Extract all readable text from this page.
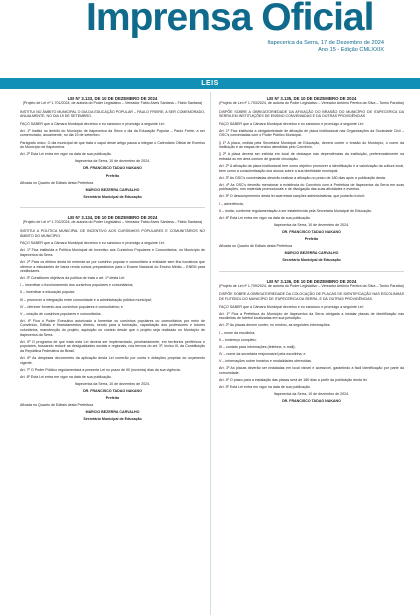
Imprensa Oficial
Itapecerica da Serra, 17 de Dezembro de 2024
Ano 15 - Edição CMLXXIX
LEIS
LEI Nº 3.133, DE 10 DE DEZEMBRO DE 2024
(Projeto de Lei nº 1.701/2024, de autoria do Poder Legislativo – Vereador Fábio Alves Santana – Fábio Santana)
INSTITUI NO ÂMBITO MUNICIPAL O DIA DA EDUCAÇÃO POPULAR – PAULO FREIRE, A SER COMEMORADO, ANUALMENTE, NO DIA 19 DE SETEMBRO.

FAÇO SABER que a Câmara Municipal decretou e eu sanciono e promulgo a seguinte Lei:

Art. 1º Institui no âmbito do Município de Itapecerica da Serra o dia da Educação Popular – Paulo Freire, a ser comemorado, anualmente, no dia 19 de setembro.

Parágrafo único. O dia municipal de que trata o caput deste artigo passa a integrar o Calendário Oficial de Eventos do Município de Itapecerica.

Art. 2º Esta Lei entra em vigor na data de sua publicação.

Itapecerica da Serra, 10 de dezembro de 2024.

DR. FRANCISCO TADAO NAKANO

Prefeito

Afixada no Quadro de Editais desta Prefeitura

MÁRCIO BEZERRA CARVALHO

Secretário Municipal de Educação

LEI Nº 3.134, DE 10 DE DEZEMBRO DE 2024
(Projeto de Lei nº 1.702/2024, de autoria do Poder Legislativo – Vereador Fábio Alves Santana – Fábio Santana)
INSTITUI A POLÍTICA MUNICIPAL DE INCENTIVO AOS CURSINHOS POPULARES E COMUNITÁRIOS NO ÂMBITO DO MUNICÍPIO.

FAÇO SABER que a Câmara Municipal decretou e eu sanciono e promulgo a seguinte Lei:

Art. 1º Fica instituída a Política Municipal de Incentivo aos Cursinhos Populares e Comunitários, no Município de Itapecerica da Serra.

Art. 2º Para os efeitos desta lei entende-se por cursinho popular e comunitário a entidade sem fins lucrativos que oferece a estudantes de baixa renda cursos preparatórios para o Exame Nacional do Ensino Médio – ENEM para vestibulares.

Art. 3º Constituem objetivos da política de trata o art. 1º desta Lei:

I – incentivar o funcionamento dos cursinhos populares e comunitários;

II – incentivar a educação popular;

III – promover a integração entre comunidade e a administração pública municipal;

IV – oferecer fomento aos cursinhos populares e comunitários; e

V – criação de cursinhos populares e comunitários.

Art. 4º Fica o Poder Executivo autorizado a fomentar os cursinhos populares ou comunitários por meio de Convênios, Editais e financiamentos diretos, sendo para a formação, capacitação dos professores e tutores voluntários, manutenção do projeto, aquisição ou custeio desde que o projeto seja realizado no Município de Itapecerica da Serra.

Art. 5º O programa de que trata esta Lei deverá ser implementado, prioritariamente, em territórios periféricos e populares, buscando reduzir as desigualdades sociais e regionais, nos termos do art. 3º, inciso III, da Constituição da República Federativa do Brasil.

Art. 6º As despesas decorrentes da aplicação desta Lei correrão por conta e dotações próprias do orçamento vigente.

Art. 7º O Poder Público regulamentará a presente Lei no prazo de 90 (noventa) dias da sua vigência.

Art. 8º Esta Lei entra em vigor na data de sua publicação.

Itapecerica da Serra, 10 de dezembro de 2024.

DR. FRANCISCO TADAO NAKANO

Prefeito

Afixada no Quadro de Editais desta Prefeitura

MÁRCIO BEZERRA CARVALHO

Secretário Municipal de Educação

LEI Nº 3.135, DE 10 DE DEZEMBRO DE 2024
(Projeto de Lei nº 1.703/2024, de autoria do Poder Legislativo – Vereador Antônio Pereira da Silva – Tonho Paraíba)
DISPÕE SOBRE A OBRIGATORIEDADE DA AFIXAÇÃO DO BRASÃO DO MUNICÍPIO DE ITAPECERICA DA SERRA EM INSTITUIÇÕES DE ENSINO CONVENIADAS E DÁ OUTRAS PROVIDÊNCIAS

FAÇO SABER que a Câmara Municipal decretou e eu sanciono e promulgo a seguinte Lei:

Art. 1º Fica instituída a obrigatoriedade de afixação de placa institucional nas Organizações da Sociedade Civil – OSC's conveniadas com o Poder Público Municipal.

§ 1º A placa, cedida pela Secretaria Municipal de Educação, deverá conter o brasão do Município, o nome da instituição e as etapas de ensino atendidas pelo Convênio.

§ 2º A placa deverá ser exibida em local de destaque nas dependências da instituição, preferencialmente na entrada ou em área comum de grande circulação.

Art. 2º A afixação da placa institucional tem como objetivo promover a identificação e a valorização da cultura local, bem como a conscientização dos alunos sobre a sua identidade municipal.

Art. 3º As OSC's conveniadas deverão realizar a afixação no prazo de 180 dias após a publicação desta.

Art. 4º As OSC's deverão mencionar a existência do Convênio com a Prefeitura de Itapecerica da Serra em suas publicações, nos materiais promocionais e de divulgação das suas atividades e eventos.

Art. 5º O descumprimento desta lei acarretará sanções administrativas, que poderão incluir:

I – advertência;

II – multa, conforme regulamentação a ser estabelecida pela Secretaria Municipal de Educação.

Art. 6º Esta Lei entra em vigor na data de sua publicação.

Itapecerica da Serra, 10 de dezembro de 2024.

DR. FRANCISCO TADAO NAKANO

Prefeito

Afixada no Quadro de Editais desta Prefeitura

MÁRCIO BEZERRA CARVALHO

Secretário Municipal de Educação

LEI Nº 3.136, DE 10 DE DEZEMBRO DE 2024
(Projeto de Lei nº 1.709/2024, de autoria do Poder Legislativo – Vereador Antônio Pereira da Silva – Tonho Paraíba)
DISPÕE SOBRE A OBRIGATORIEDADE DA COLOCAÇÃO DE PLACAS DE IDENTIFICAÇÃO NAS ESCOLINHAS DE FUTEBOL DO MUNICÍPIO DE ITAPECERICA DA SERRA, E DÁ OUTRAS PROVIDÊNCIAS.

FAÇO SABER que a Câmara Municipal decretou e eu sanciono e promulgo a seguinte Lei:

Art. 1º Fica a Prefeitura do Município de Itapecerica da Serra obrigada a instalar placas de identificação nas escolinhas de futebol localizadas em sua jurisdição.

Art. 2º As placas devem conter, no mínimo, as seguintes informações:

I – nome da escolinha;

II – endereço completo;

III – contato para informações (telefone, e-mail);

IV – nome da secretaria responsável pela escolinha; e

V – informações sobre horários e modalidades oferecidas.

Art. 3º As placas deverão ser instaladas em local visível e acessível, garantindo a fácil identificação por parte da comunidade.

Art. 4º O prazo para a instalação das placas será de 180 dias a partir da publicação desta lei.

Art. 5º Esta Lei entra em vigor na data de sua publicação.

Itapecerica da Serra, 10 de dezembro de 2024.

DR. FRANCISCO TADAO NAKANO
